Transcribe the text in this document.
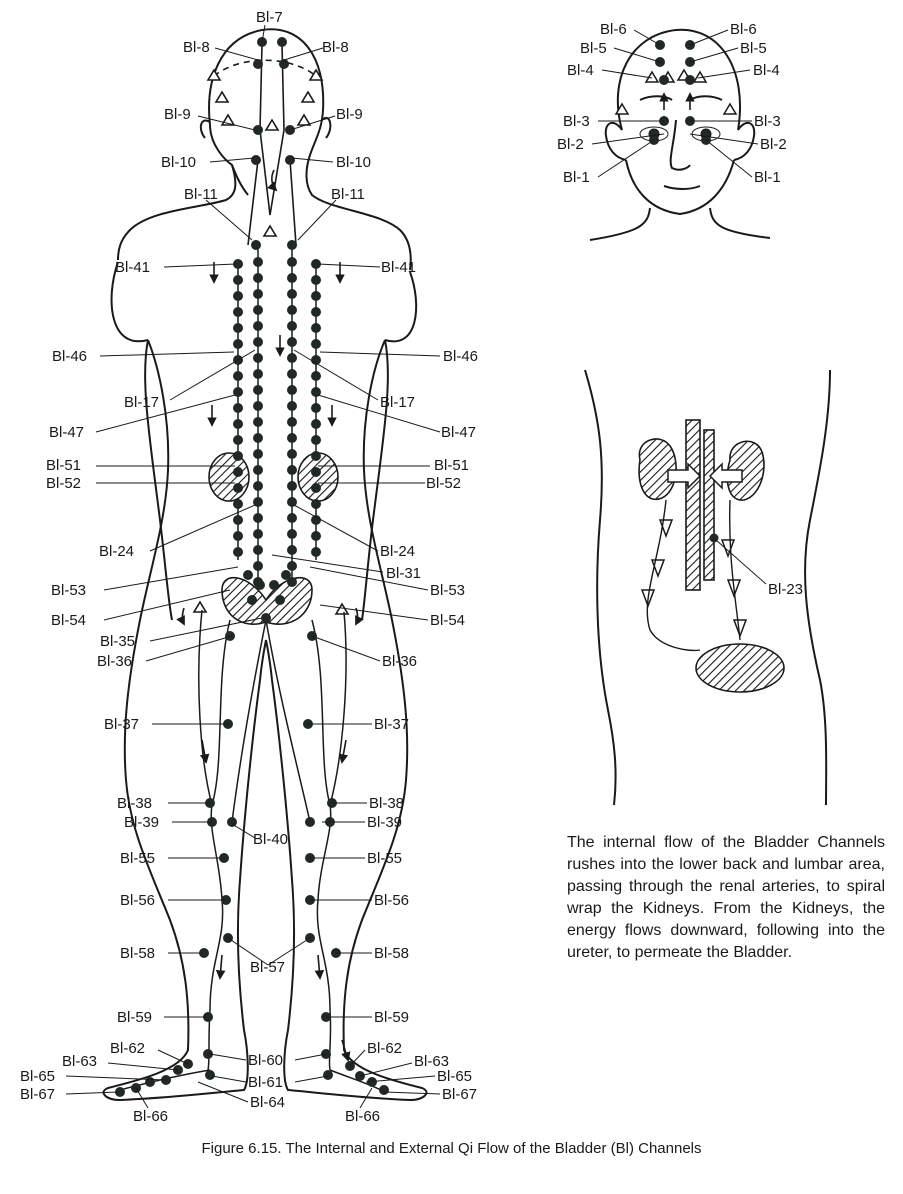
Bl-7
Bl-8	Bl-8
Bl-9	Bl-9
Bl-10	Bl-10
Bl-11	Bl-11
Bl-41	Bl-41
Bl-46	Bl-46
Bl-17	Bl-17
Bl-47	Bl-47
Bl-51	Bl-51
Bl-52	Bl-52
Bl-24	Bl-24
Bl-31
Bl-53	Bl-53
Bl-54	Bl-54
Bl-35
Bl-36	Bl-36
Bl-37	Bl-37
Bl-38	Bl-38
Bl-39	Bl-39
Bl-40
Bl-55	Bl-55
Bl-56	Bl-56
Bl-58	Bl-58
Bl-57
Bl-59	Bl-59
Bl-62	Bl-62
Bl-63	Bl-63
Bl-60
Bl-65	Bl-65
Bl-61
Bl-67	Bl-67
Bl-66	Bl-66
Bl-64
Bl-6	Bl-6
Bl-5	Bl-5
Bl-4	Bl-4
Bl-3	Bl-3
Bl-2	Bl-2
Bl-1	Bl-1
Bl-23

The internal flow of the Bladder Channels rushes into the lower back and lumbar area, passing through the renal arteries, to spiral wrap the Kidneys. From the Kidneys, the energy flows downward, following into the ureter, to permeate the Bladder.

Figure 6.15. The Internal and External Qi Flow of the Bladder (Bl) Channels
